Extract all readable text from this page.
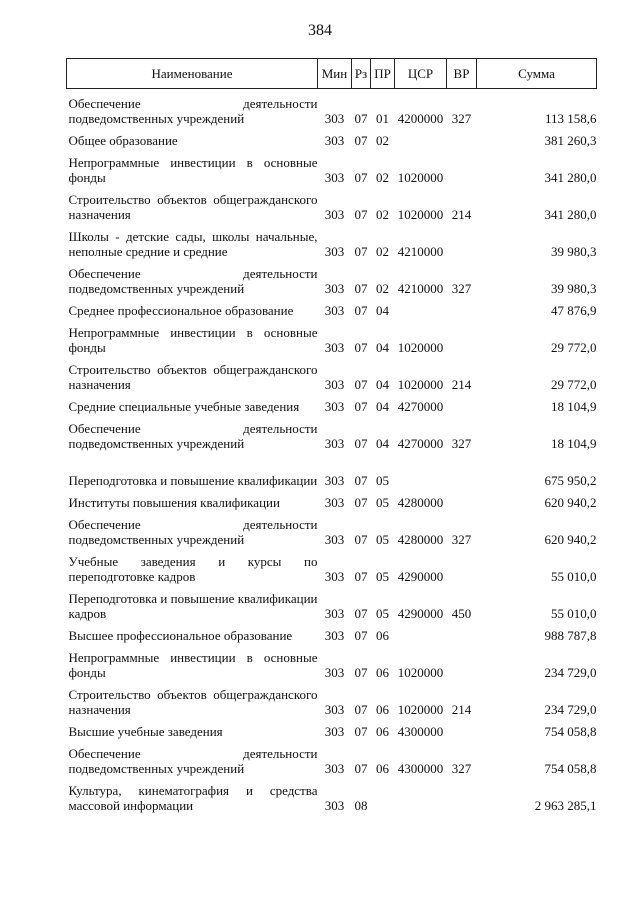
384
Наименование	Мин	Рз	ПР	ЦСР	ВР	Сумма
Обеспечение деятельности подведомственных учреждений	303	07	01	4200000	327	113 158,6
Общее образование	303	07	02			381 260,3
Непрограммные инвестиции в основные фонды	303	07	02	1020000		341 280,0
Строительство объектов общегражданского назначения	303	07	02	1020000	214	341 280,0
Школы - детские сады, школы начальные, неполные средние и средние	303	07	02	4210000		39 980,3
Обеспечение деятельности подведомственных учреждений	303	07	02	4210000	327	39 980,3
Среднее профессиональное образование	303	07	04			47 876,9
Непрограммные инвестиции в основные фонды	303	07	04	1020000		29 772,0
Строительство объектов общегражданского назначения	303	07	04	1020000	214	29 772,0
Средние специальные учебные заведения	303	07	04	4270000		18 104,9
Обеспечение деятельности подведомственных учреждений	303	07	04	4270000	327	18 104,9
Переподготовка и повышение квалификации	303	07	05			675 950,2
Институты повышения квалификации	303	07	05	4280000		620 940,2
Обеспечение деятельности подведомственных учреждений	303	07	05	4280000	327	620 940,2
Учебные заведения и курсы по переподготовке кадров	303	07	05	4290000		55 010,0
Переподготовка и повышение квалификации кадров	303	07	05	4290000	450	55 010,0
Высшее профессиональное образование	303	07	06			988 787,8
Непрограммные инвестиции в основные фонды	303	07	06	1020000		234 729,0
Строительство объектов общегражданского назначения	303	07	06	1020000	214	234 729,0
Высшие учебные заведения	303	07	06	4300000		754 058,8
Обеспечение деятельности подведомственных учреждений	303	07	06	4300000	327	754 058,8
Культура, кинематография и средства массовой информации	303	08				2 963 285,1
